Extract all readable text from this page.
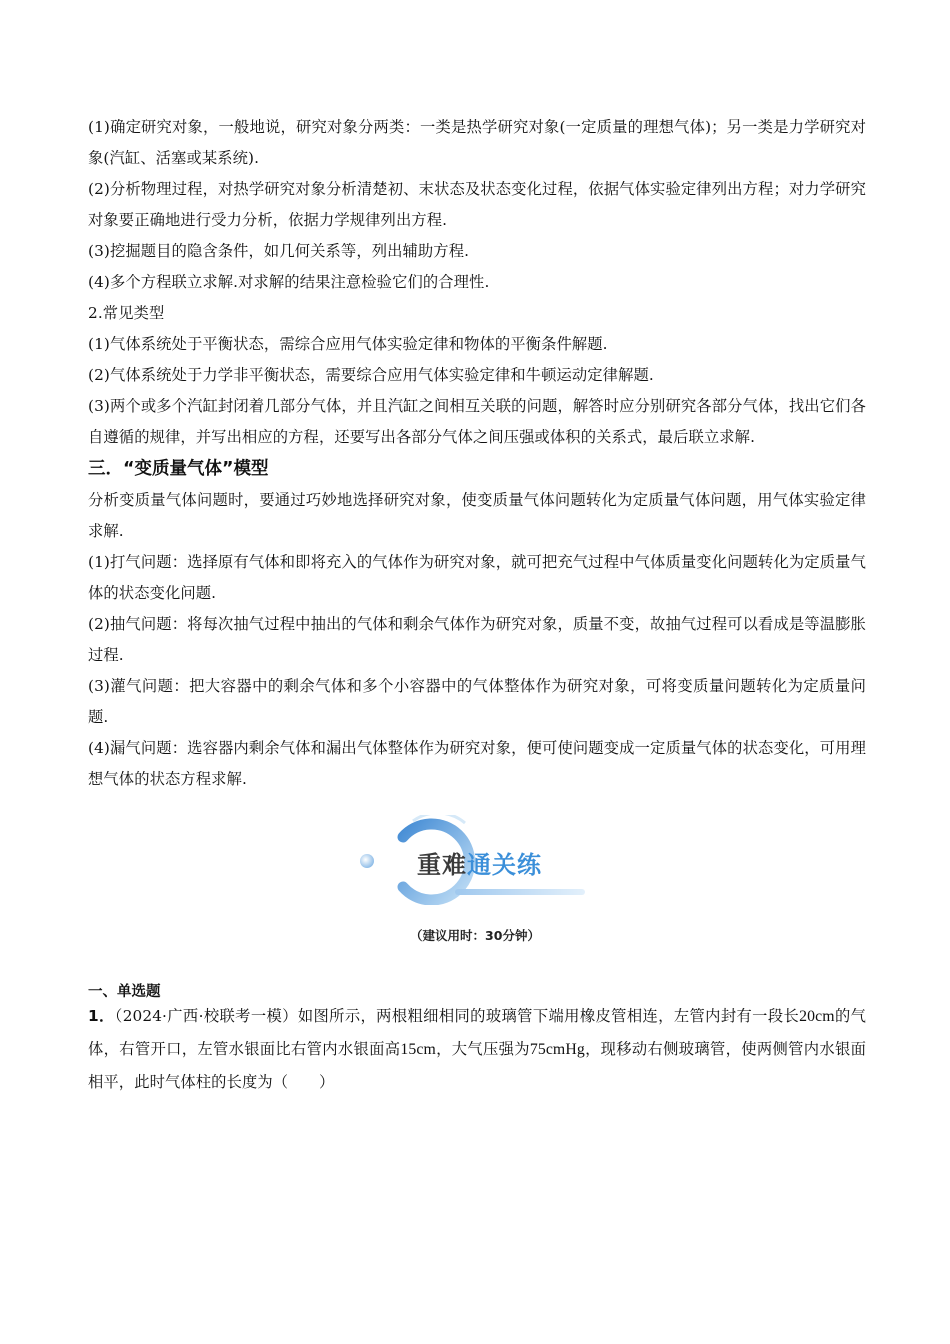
(1)确定研究对象，一般地说，研究对象分两类：一类是热学研究对象(一定质量的理想气体)；另一类是力学研究对象(汽缸、活塞或某系统).

(2)分析物理过程，对热学研究对象分析清楚初、末状态及状态变化过程，依据气体实验定律列出方程；对力学研究对象要正确地进行受力分析，依据力学规律列出方程.

(3)挖掘题目的隐含条件，如几何关系等，列出辅助方程.

(4)多个方程联立求解.对求解的结果注意检验它们的合理性.

2.常见类型

(1)气体系统处于平衡状态，需综合应用气体实验定律和物体的平衡条件解题.

(2)气体系统处于力学非平衡状态，需要综合应用气体实验定律和牛顿运动定律解题.

(3)两个或多个汽缸封闭着几部分气体，并且汽缸之间相互关联的问题，解答时应分别研究各部分气体，找出它们各自遵循的规律，并写出相应的方程，还要写出各部分气体之间压强或体积的关系式，最后联立求解.

三．“变质量气体”模型

分析变质量气体问题时，要通过巧妙地选择研究对象，使变质量气体问题转化为定质量气体问题，用气体实验定律求解.

(1)打气问题：选择原有气体和即将充入的气体作为研究对象，就可把充气过程中气体质量变化问题转化为定质量气体的状态变化问题.

(2)抽气问题：将每次抽气过程中抽出的气体和剩余气体作为研究对象，质量不变，故抽气过程可以看成是等温膨胀过程.

(3)灌气问题：把大容器中的剩余气体和多个小容器中的气体整体作为研究对象，可将变质量问题转化为定质量问题.

(4)漏气问题：选容器内剩余气体和漏出气体整体作为研究对象，便可使问题变成一定质量气体的状态变化，可用理想气体的状态方程求解.

重难通关练
（建议用时：30分钟）
一、单选题

1．（2024·广西·校联考一模）如图所示，两根粗细相同的玻璃管下端用橡皮管相连，左管内封有一段长20cm的气体，右管开口，左管水银面比右管内水银面高15cm，大气压强为75cmHg，现移动右侧玻璃管，使两侧管内水银面相平，此时气体柱的长度为（　　）
